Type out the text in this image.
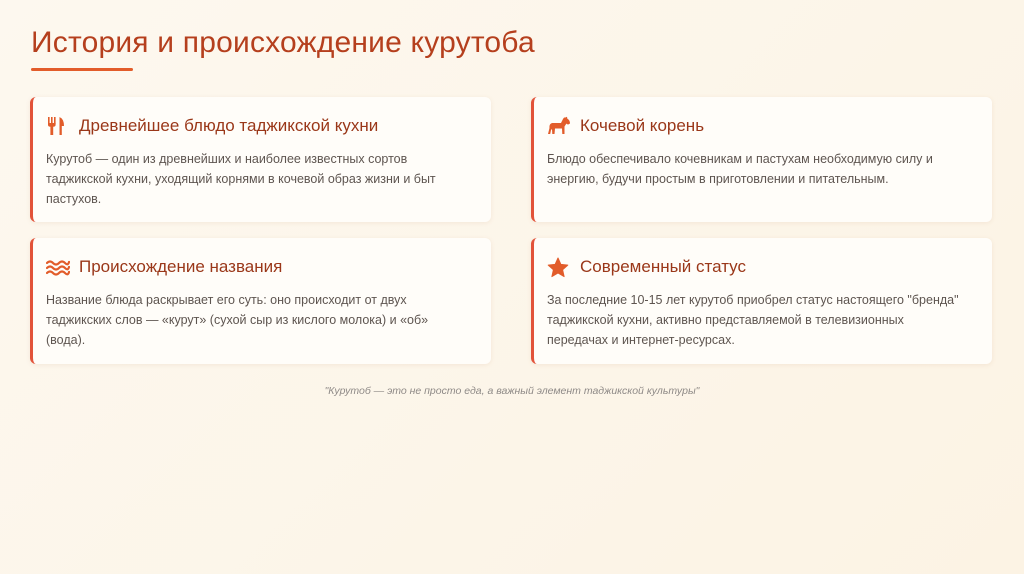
История и происхождение курутоба
Древнейшее блюдо таджикской кухни

Курутоб — один из древнейших и наиболее известных сортов таджикской кухни, уходящий корнями в кочевой образ жизни и быт пастухов.

Кочевой корень

Блюдо обеспечивало кочевникам и пастухам необходимую силу и энергию, будучи простым в приготовлении и питательным.

Происхождение названия

Название блюда раскрывает его суть: оно происходит от двух таджикских слов — «курут» (сухой сыр из кислого молока) и «об» (вода).

Современный статус

За последние 10-15 лет курутоб приобрел статус настоящего "бренда" таджикской кухни, активно представляемой в телевизионных передачах и интернет-ресурсах.

"Курутоб — это не просто еда, а важный элемент таджикской культуры"
